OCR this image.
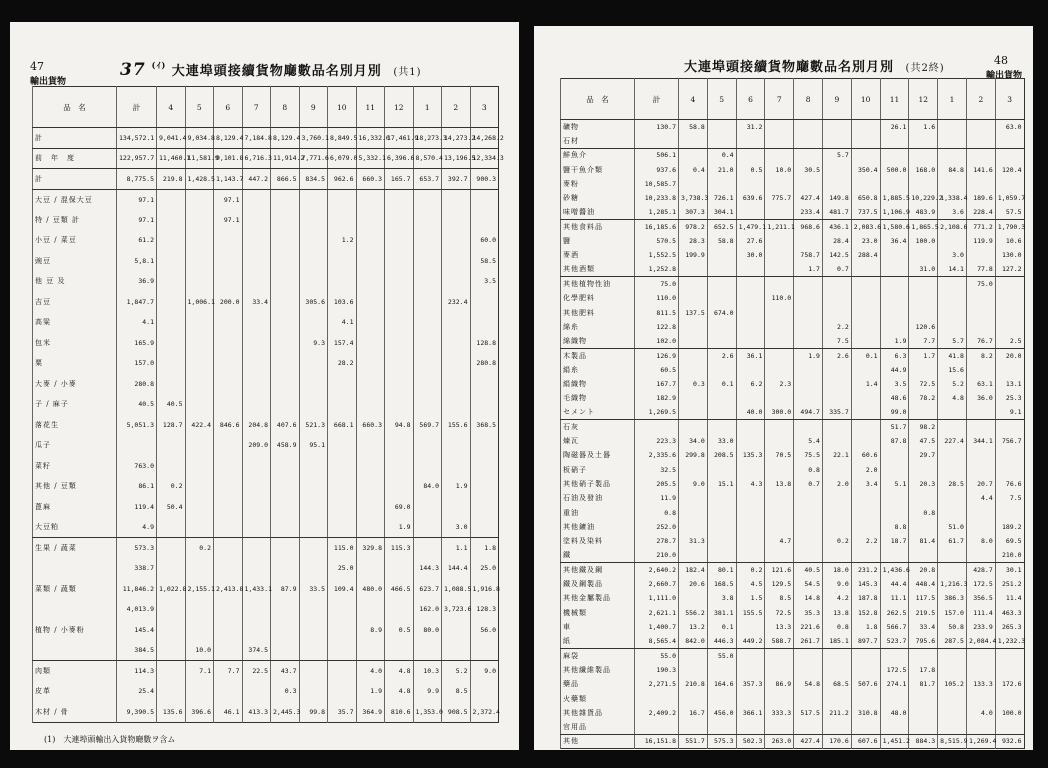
47
輸出貨物
37 $^{(ｲ)}$ 大連埠頭接續貨物廰數品名別月別 (共1)
品　名	計	4	5	6	7	8	9	10	11	12	1	2	3
計	134,572.1	9,041.4	9,034.8	8,129.4	7,184.8	8,129.4	3,760.1	8,849.5	16,332.0	17,461.9	18,273.3	14,273.2	14,268.2
前　年　度	122,957.7	11,460.1	11,581.9	9,101.8	6,716.3	11,914.2	7,771.6	6,079.0	5,332.1	6,396.6	8,570.4	13,196.5	12,334.3
計	8,775.5	219.8	1,428.5	1,143.7	447.2	866.5	834.5	962.6	660.3	165.7	653.7	392.7	900.3
大豆 / 混保大豆	97.1			97.1									
特 / 豆類 計	97.1			97.1									
小豆 / 菜豆	61.2							1.2					60.0
豌豆	5,8.1												58.5
他 豆 及	36.9												3.5
吉豆	1,847.7		1,006.1	200.0	33.4		305.6	103.6				232.4	
高粱	4.1							4.1					
包米	165.9						9.3	157.4					128.8
粟	157.0							28.2					280.8
大麥 / 小麥	280.8												
子 / 麻子	40.5	40.5											
落花生	5,051.3	128.7	422.4	846.6	204.8	407.6	521.3	668.1	660.3	94.8	569.7	155.6	368.5
瓜子					209.0	458.9	95.1						
菜籽	763.0												
其他 / 豆類	86.1	0.2									84.0	1.9	
蓖麻	119.4	50.4								69.0			
大豆粕	4.9									1.9		3.0	
生果 / 蔬菜	573.3		0.2					115.0	329.8	115.3		1.1	1.8
	338.7							25.0			144.3	144.4	25.0
菜類 / 蔬類	11,846.2	1,022.8	2,155.1	2,413.8	1,433.1	87.9	33.5	109.4	480.0	466.5	623.7	1,088.5	1,916.8
	4,013.9										162.0	3,723.6	128.3
植物 / 小麥粉	145.4								8.9	0.5	80.0		56.0
	384.5		10.0		374.5								
肉類	114.3		7.1	7.7	22.5	43.7			4.0	4.8	10.3	5.2	9.0
皮革	25.4					0.3			1.9	4.8	9.9	8.5	
木材 / 骨	9,390.5	135.6	396.6	46.1	413.3	2,445.3	99.8	35.7	364.9	810.6	1,353.0	908.5	2,372.4
(1)　大連埠頭輸出入貨物廰數ヲ含ム
48
輸出貨物
大連埠頭接續貨物廰數品名別月別 (共2終)
品　名	計	4	5	6	7	8	9	10	11	12	1	2	3
礦物	130.7	58.8		31.2					26.1	1.6			63.0
石材													
鮮魚介	506.1		0.4				5.7						
鹽干魚介類	937.6	0.4	21.0	0.5	10.0	30.5		350.4	500.0	168.0	84.8	141.6	120.4
麥粉	10,585.7												
砂糖	10,233.8	3,738.3	726.1	639.6	775.7	427.4	149.8	650.8	1,885.5	10,229.2	1,338.4	189.6	1,059.7
味噌醬油	1,285.1	307.3	304.1			233.4	481.7	737.5	1,106.9	483.9	3.6	228.4	57.5
其他食料品	16,185.6	978.2	652.5	1,479.1	1,211.1	968.6	436.1	2,083.6	1,580.6	1,865.5	2,108.6	771.2	1,790.3
鹽	570.5	28.3	58.8	27.6			28.4	23.0	36.4	100.0		119.9	10.6
麥酒	1,552.5	199.9		30.0		758.7	142.5	288.4			3.0		130.0
其他酒類	1,252.8					1.7	0.7			31.0	14.1	77.8	127.2
其他植物性油	75.0											75.0	
化學肥料	110.0				110.0								
其他肥料	811.5	137.5	674.0										
綿糸	122.8						2.2			120.6			
綿織物	102.0						7.5		1.9	7.7	5.7	76.7	2.5
木製品	126.9		2.6	36.1		1.9	2.6	0.1	6.3	1.7	41.8	8.2	20.0
絹糸	60.5								44.9		15.6		
絹織物	167.7	0.3	0.1	6.2	2.3			1.4	3.5	72.5	5.2	63.1	13.1
毛織物	182.9								48.6	78.2	4.8	36.0	25.3
セメント	1,269.5			40.0	300.0	494.7	335.7		99.0				9.1
石灰									51.7	98.2			
煉瓦	223.3	34.0	33.0			5.4			87.8	47.5	227.4	344.1	756.7
陶磁器及土器	2,335.6	299.8	208.5	135.3	70.5	75.5	22.1	60.6		29.7			
板硝子	32.5					0.8		2.0					
其他硝子製品	205.5	9.0	15.1	4.3	13.8	0.7	2.0	3.4	5.1	20.3	28.5	20.7	76.6
石油及發油	11.9											4.4	7.5
重油	0.8									0.8			
其他鑛油	252.0								8.8		51.0		189.2
塗料及染料	278.7	31.3			4.7		0.2	2.2	18.7	81.4	61.7	8.0	69.5
鐵	210.0												210.0
其他鐵及鋼	2,640.2	182.4	80.1	0.2	121.6	40.5	18.0	231.2	1,436.6	20.8		428.7	30.1
鐵及鋼製品	2,660.7	20.6	168.5	4.5	129.5	54.5	9.0	145.3	44.4	448.4	1,216.3	172.5	251.2
其他金屬製品	1,111.0		3.8	1.5	8.5	14.8	4.2	187.8	11.1	117.5	386.3	356.5	11.4
機械類	2,621.1	556.2	381.1	155.5	72.5	35.3	13.8	152.8	262.5	219.5	157.0	111.4	463.3
車	1,400.7	13.2	0.1		13.3	221.6	0.8	1.8	566.7	33.4	50.8	233.9	265.3
紙	8,565.4	842.0	446.3	449.2	588.7	261.7	185.1	897.7	523.7	795.6	287.5	2,084.4	1,232.3
麻袋	55.0		55.0										
其他纖維製品	190.3								172.5	17.8			
藥品	2,271.5	210.8	164.6	357.3	86.9	54.8	68.5	507.6	274.1	81.7	105.2	133.3	172.6
火藥類													
其他雜貨品	2,409.2	16.7	456.0	366.1	333.3	517.5	211.2	310.8	48.0			4.0	100.0
官用品													
其他	16,151.8	551.7	575.3	502.3	263.0	427.4	170.6	607.6	1,451.2	884.3	8,515.9	1,269.4	932.6
